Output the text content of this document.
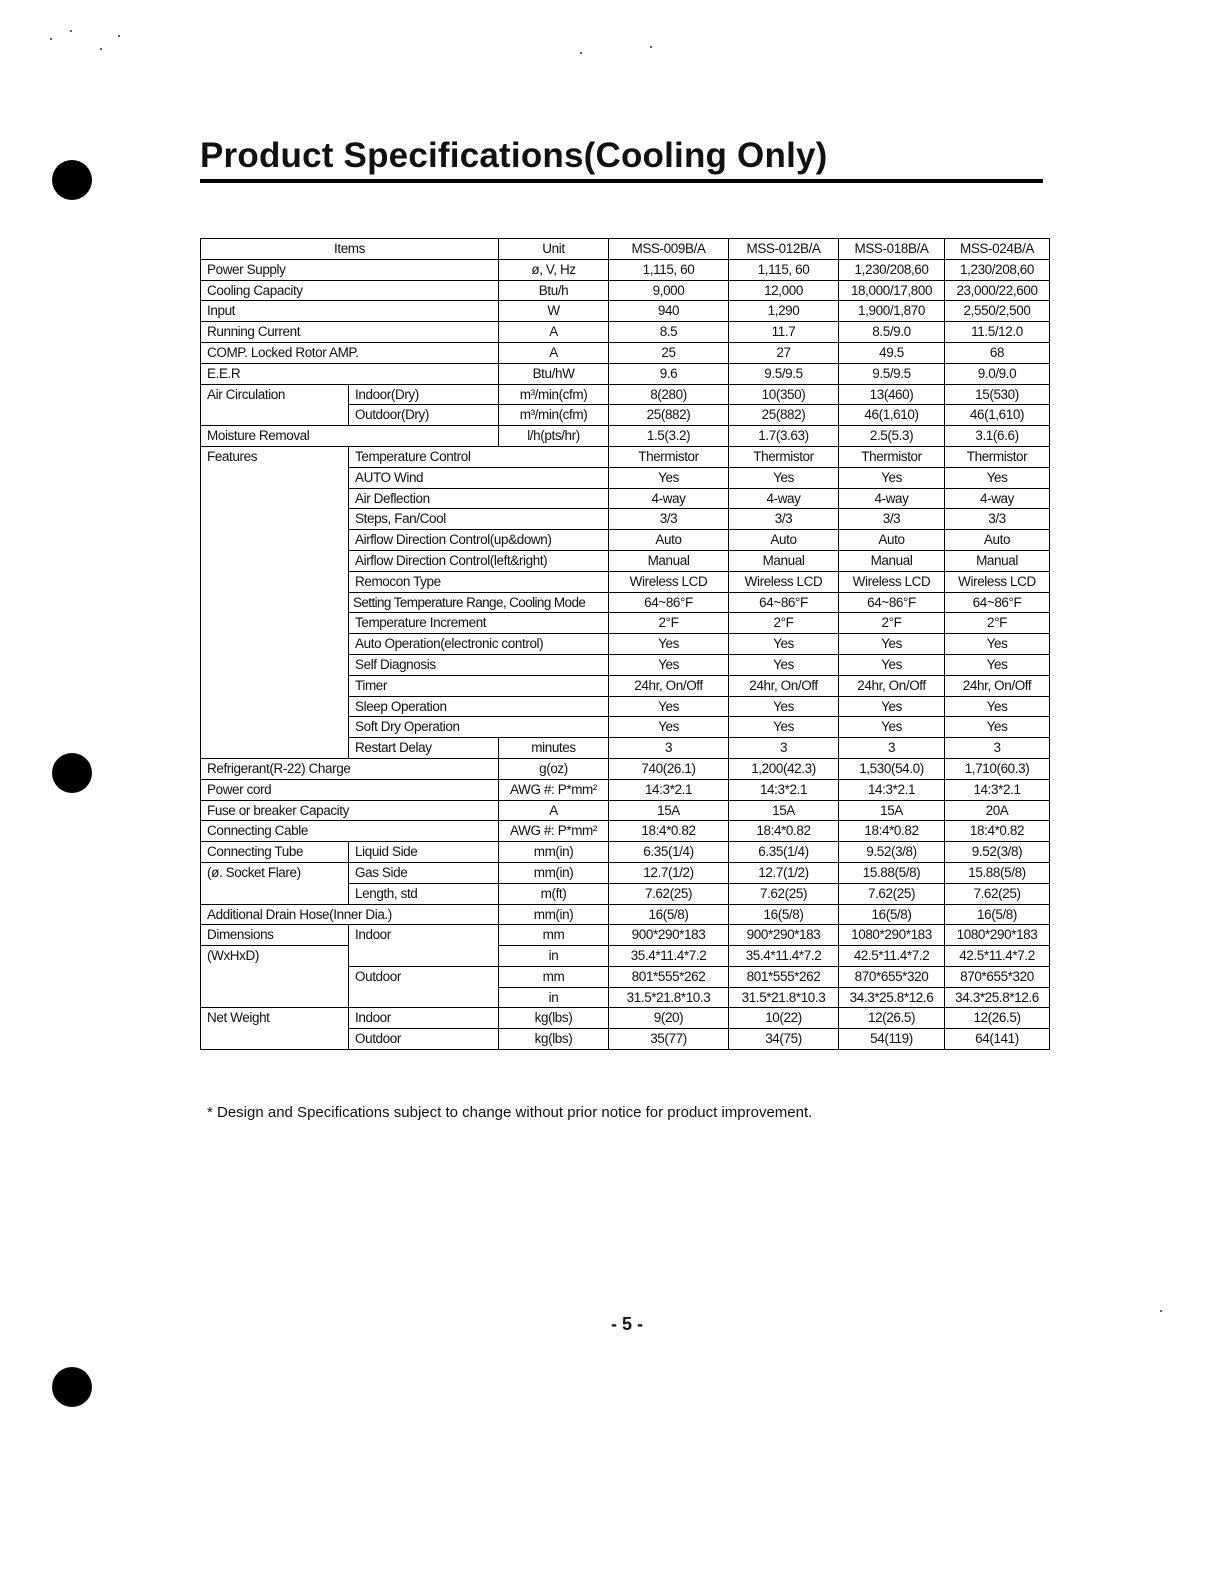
Product Specifications(Cooling Only)
Items		Unit	MSS-009B/A	MSS-012B/A	MSS-018B/A	MSS-024B/A
Power Supply		ø, V, Hz	1,115, 60	1,115, 60	1,230/208,60	1,230/208,60
Cooling Capacity		Btu/h	9,000	12,000	18,000/17,800	23,000/22,600
Input		W	940	1,290	1,900/1,870	2,550/2,500
Running Current		A	8.5	11.7	8.5/9.0	11.5/12.0
COMP. Locked Rotor AMP.		A	25	27	49.5	68
E.E.R		Btu/hW	9.6	9.5/9.5	9.5/9.5	9.0/9.0
Air Circulation	Indoor(Dry)	m³/min(cfm)	8(280)	10(350)	13(460)	15(530)
	Outdoor(Dry)	m³/min(cfm)	25(882)	25(882)	46(1,610)	46(1,610)
Moisture Removal		l/h(pts/hr)	1.5(3.2)	1.7(3.63)	2.5(5.3)	3.1(6.6)
Features	Temperature Control		Thermistor	Thermistor	Thermistor	Thermistor
	AUTO Wind		Yes	Yes	Yes	Yes
	Air Deflection		4-way	4-way	4-way	4-way
	Steps, Fan/Cool		3/3	3/3	3/3	3/3
	Airflow Direction Control(up&down)		Auto	Auto	Auto	Auto
	Airflow Direction Control(left&right)		Manual	Manual	Manual	Manual
	Remocon Type		Wireless LCD	Wireless LCD	Wireless LCD	Wireless LCD
	Setting Temperature Range, Cooling Mode		64~86°F	64~86°F	64~86°F	64~86°F
	Temperature Increment		2°F	2°F	2°F	2°F
	Auto Operation(electronic control)		Yes	Yes	Yes	Yes
	Self Diagnosis		Yes	Yes	Yes	Yes
	Timer		24hr, On/Off	24hr, On/Off	24hr, On/Off	24hr, On/Off
	Sleep Operation		Yes	Yes	Yes	Yes
	Soft Dry Operation		Yes	Yes	Yes	Yes
	Restart Delay	minutes	3	3	3	3
Refrigerant(R-22) Charge		g(oz)	740(26.1)	1,200(42.3)	1,530(54.0)	1,710(60.3)
Power cord		AWG #: P*mm²	14:3*2.1	14:3*2.1	14:3*2.1	14:3*2.1
Fuse or breaker Capacity		A	15A	15A	15A	20A
Connecting Cable		AWG #: P*mm²	18:4*0.82	18:4*0.82	18:4*0.82	18:4*0.82
Connecting Tube	Liquid Side	mm(in)	6.35(1/4)	6.35(1/4)	9.52(3/8)	9.52(3/8)
(ø. Socket Flare)	Gas Side	mm(in)	12.7(1/2)	12.7(1/2)	15.88(5/8)	15.88(5/8)
	Length, std	m(ft)	7.62(25)	7.62(25)	7.62(25)	7.62(25)
Additional Drain Hose(Inner Dia.)		mm(in)	16(5/8)	16(5/8)	16(5/8)	16(5/8)
Dimensions	Indoor	mm	900*290*183	900*290*183	1080*290*183	1080*290*183
(WxHxD)		in	35.4*11.4*7.2	35.4*11.4*7.2	42.5*11.4*7.2	42.5*11.4*7.2
	Outdoor	mm	801*555*262	801*555*262	870*655*320	870*655*320
		in	31.5*21.8*10.3	31.5*21.8*10.3	34.3*25.8*12.6	34.3*25.8*12.6
Net Weight	Indoor	kg(lbs)	9(20)	10(22)	12(26.5)	12(26.5)
	Outdoor	kg(lbs)	35(77)	34(75)	54(119)	64(141)

* Design and Specifications subject to change without prior notice for product improvement.

- 5 -
